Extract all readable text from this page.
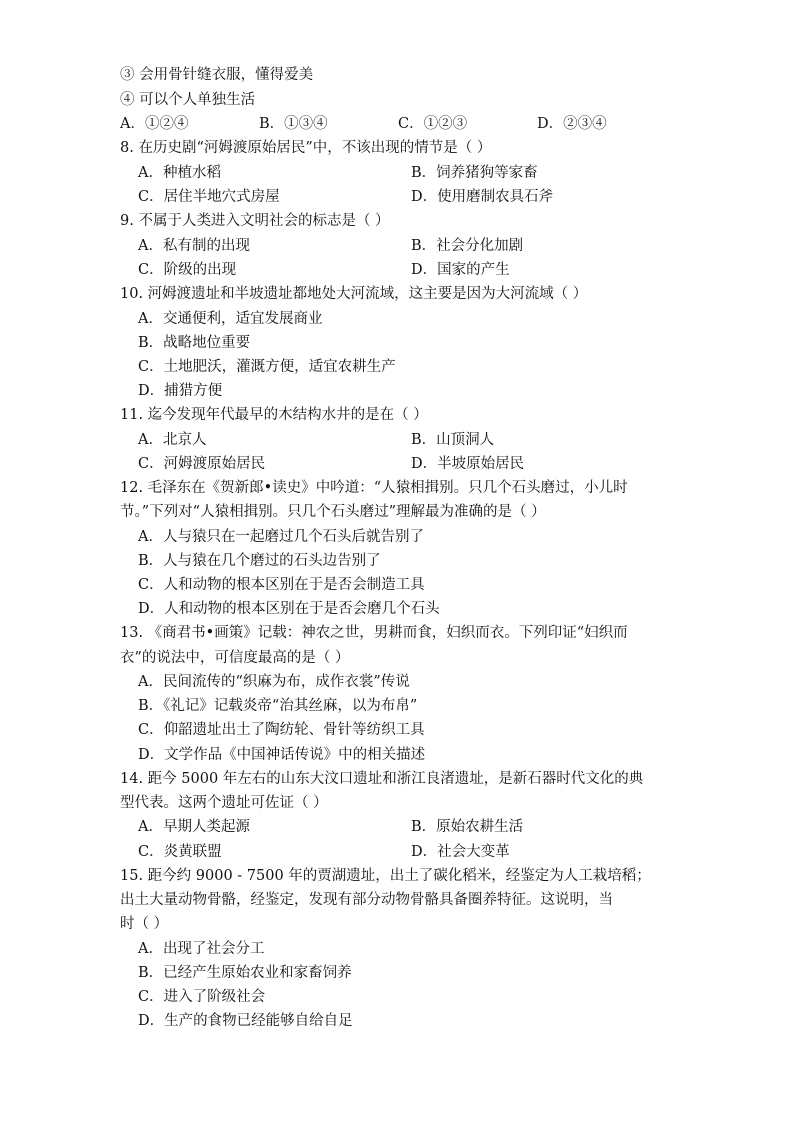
③ 会用骨针缝衣服，懂得爱美
④ 可以个人单独生活
A．①②④	B．①③④	C．①②③	D．②③④
8. 在历史剧“河姆渡原始居民”中，不该出现的情节是（ ）
A．种植水稻	B．饲养猪狗等家畜
C．居住半地穴式房屋	D．使用磨制农具石斧
9. 不属于人类进入文明社会的标志是（ ）
A．私有制的出现	B．社会分化加剧
C．阶级的出现	D．国家的产生
10. 河姆渡遗址和半坡遗址都地处大河流域，这主要是因为大河流域（ ）
A．交通便利，适宜发展商业
B．战略地位重要
C．土地肥沃，灌溉方便，适宜农耕生产
D．捕猎方便
11. 迄今发现年代最早的木结构水井的是在（ ）
A．北京人	B．山顶洞人
C．河姆渡原始居民	D．半坡原始居民
12. 毛泽东在《贺新郎•读史》中吟道：“人猿相揖别。只几个石头磨过，小儿时
节。”下列对“人猿相揖别。只几个石头磨过”理解最为准确的是（ ）
A．人与猿只在一起磨过几个石头后就告别了
B．人与猿在几个磨过的石头边告别了
C．人和动物的根本区别在于是否会制造工具
D．人和动物的根本区别在于是否会磨几个石头
13. 《商君书•画策》记载：神农之世，男耕而食，妇织而衣。下列印证“妇织而
衣”的说法中，可信度最高的是（ ）
A．民间流传的“织麻为布，成作衣裳”传说
B．《礼记》记载炎帝“治其丝麻，以为布帛”
C．仰韶遗址出土了陶纺轮、骨针等纺织工具
D．文学作品《中国神话传说》中的相关描述
14. 距今 5000 年左右的山东大汶口遗址和浙江良渚遗址，是新石器时代文化的典
型代表。这两个遗址可佐证（ ）
A．早期人类起源	B．原始农耕生活
C．炎黄联盟	D．社会大变革
15. 距今约 9000 - 7500 年的贾湖遗址，出土了碳化稻米，经鉴定为人工栽培稻；
出土大量动物骨骼，经鉴定，发现有部分动物骨骼具备圈养特征。这说明，当
时（ ）
A．出现了社会分工
B．已经产生原始农业和家畜饲养
C．进入了阶级社会
D．生产的食物已经能够自给自足
